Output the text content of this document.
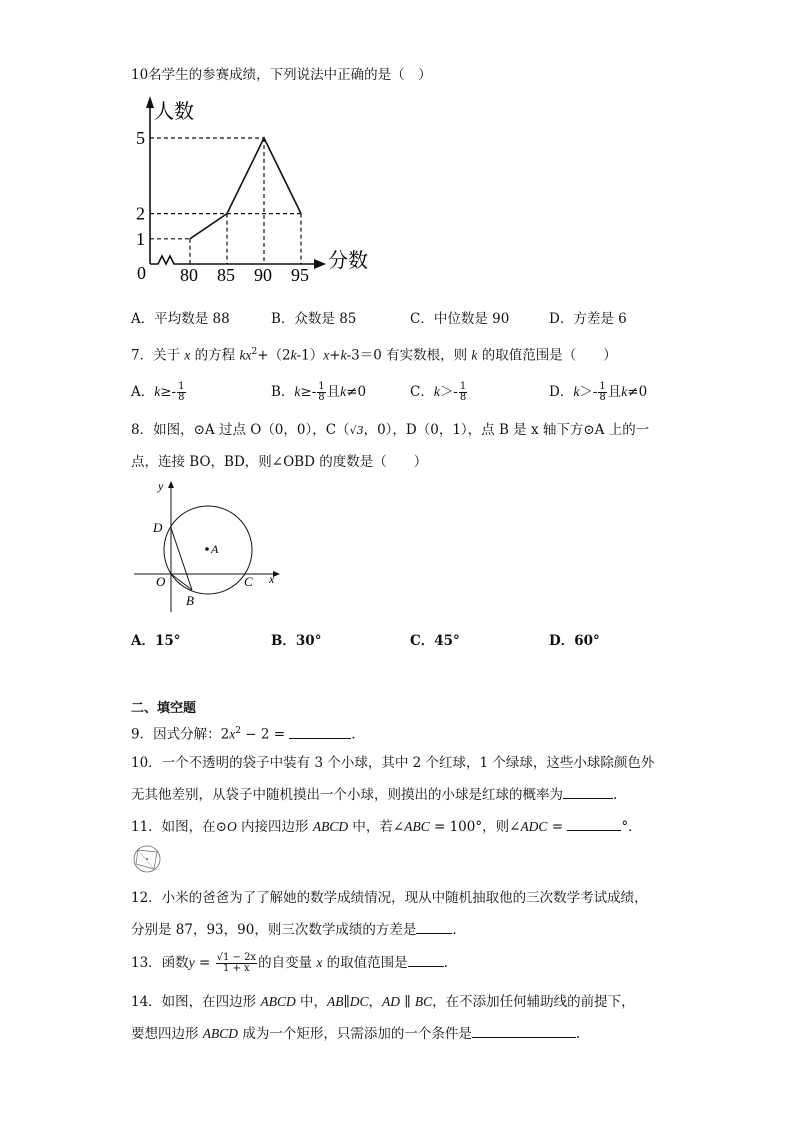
10名学生的参赛成绩，下列说法中正确的是（　）
人数
分数
0
5
2
1
80 85 90 95
A．平均数是 88	B．众数是 85	C．中位数是 90	D．方差是 6
7．关于 x 的方程 $kx^2+(2k-1)x+k-3=0$ 有实数根，则 k 的取值范围是（　　）
A．$k\ge- \frac{1}{8}$	B．$k\ge- \frac{1}{8}$ 且k≠0	C．$k>- \frac{1}{8}$	D．$k>- \frac{1}{8}$ 且k≠0
8．如图，⊙A 过点 O（0，0），C（√3，0），D（0，1），点 B 是 x 轴下方⊙A 上的一
点，连接 BO，BD，则∠OBD 的度数是（　　）
y
x
D
A
O	C
B
A．15°	B．30°	C．45°	D．60°
二、填空题
9．因式分解：$2x^2 - 2$ =	.
10．一个不透明的袋子中装有 3 个小球，其中 2 个红球，1 个绿球，这些小球除颜色外
无其他差别，从袋子中随机摸出一个小球，则摸出的小球是红球的概率为	.
11．如图，在⊙O 内接四边形 ABCD 中，若∠ABC = 100°，则∠ADC =	°．
12．小米的爸爸为了了解她的数学成绩情况，现从中随机抽取他的三次数学考试成绩，
分别是 87，93，90，则三次数学成绩的方差是	.
13．函数$y = \frac{√1 - 2x}{1 + x}$ 的自变量 x 的取值范围是	.
14．如图，在四边形 ABCD 中，AB∥DC，AD ∥ BC，在不添加任何辅助线的前提下，
要想四边形 ABCD 成为一个矩形，只需添加的一个条件是	.
